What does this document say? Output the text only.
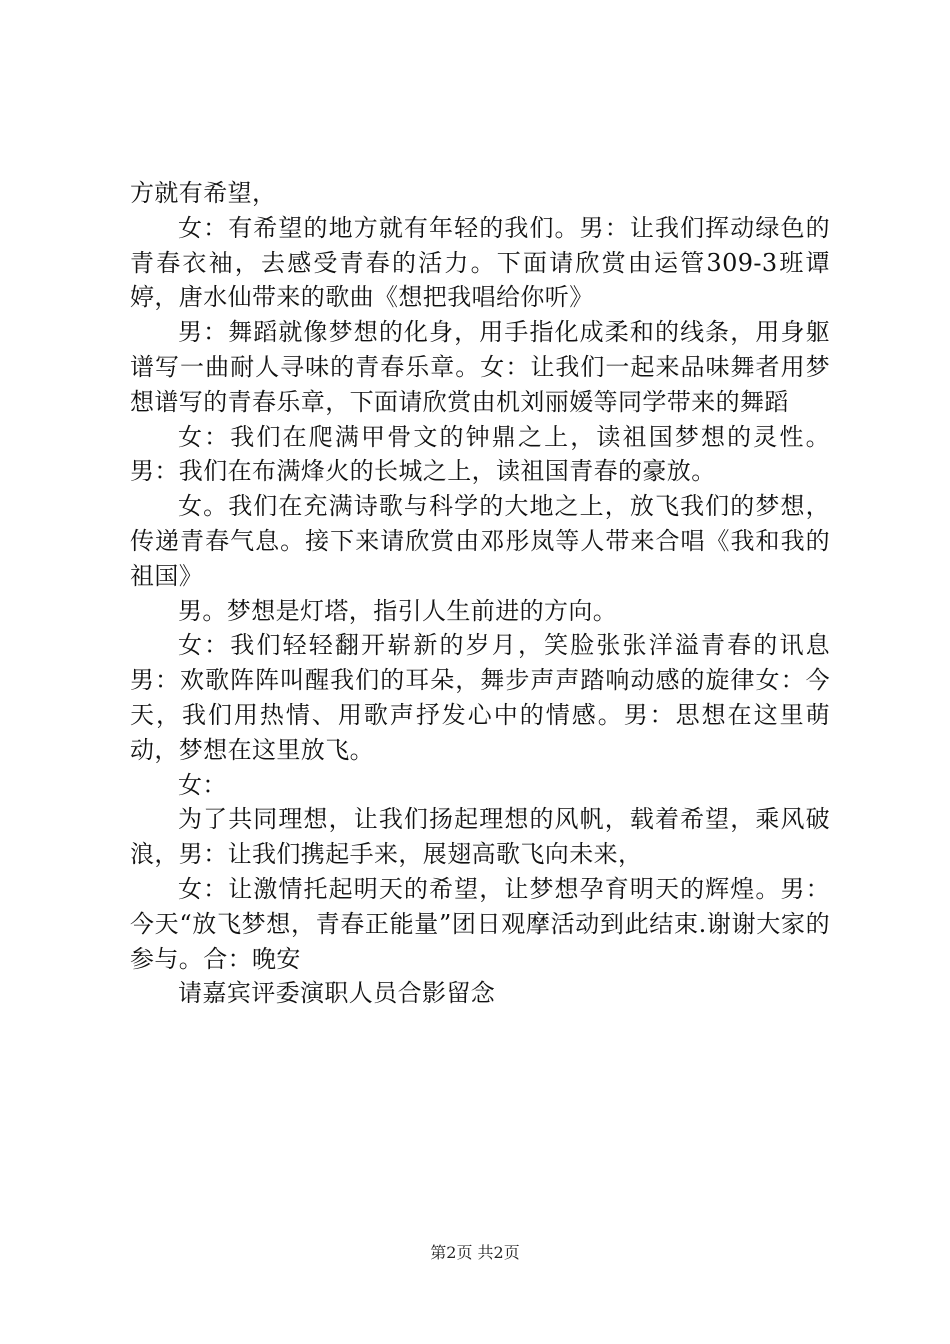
方就有希望，

女：有希望的地方就有年轻的我们。男：让我们挥动绿色的青春衣袖，去感受青春的活力。下面请欣赏由运管309-3班谭婷，唐水仙带来的歌曲《想把我唱给你听》

男：舞蹈就像梦想的化身，用手指化成柔和的线条，用身躯谱写一曲耐人寻味的青春乐章。女：让我们一起来品味舞者用梦想谱写的青春乐章，下面请欣赏由机刘丽媛等同学带来的舞蹈

女：我们在爬满甲骨文的钟鼎之上，读祖国梦想的灵性。男：我们在布满烽火的长城之上，读祖国青春的豪放。

女。我们在充满诗歌与科学的大地之上，放飞我们的梦想，传递青春气息。接下来请欣赏由邓彤岚等人带来合唱《我和我的祖国》

男。梦想是灯塔，指引人生前进的方向。

女：我们轻轻翻开崭新的岁月，笑脸张张洋溢青春的讯息男：欢歌阵阵叫醒我们的耳朵，舞步声声踏响动感的旋律女：今天，我们用热情、用歌声抒发心中的情感。男：思想在这里萌动，梦想在这里放飞。

女：

为了共同理想，让我们扬起理想的风帆，载着希望，乘风破浪，男：让我们携起手来，展翅高歌飞向未来，

女：让激情托起明天的希望，让梦想孕育明天的辉煌。男：今天“放飞梦想，青春正能量”团日观摩活动到此结束.谢谢大家的参与。合：晚安

请嘉宾评委演职人员合影留念

第2页 共2页
